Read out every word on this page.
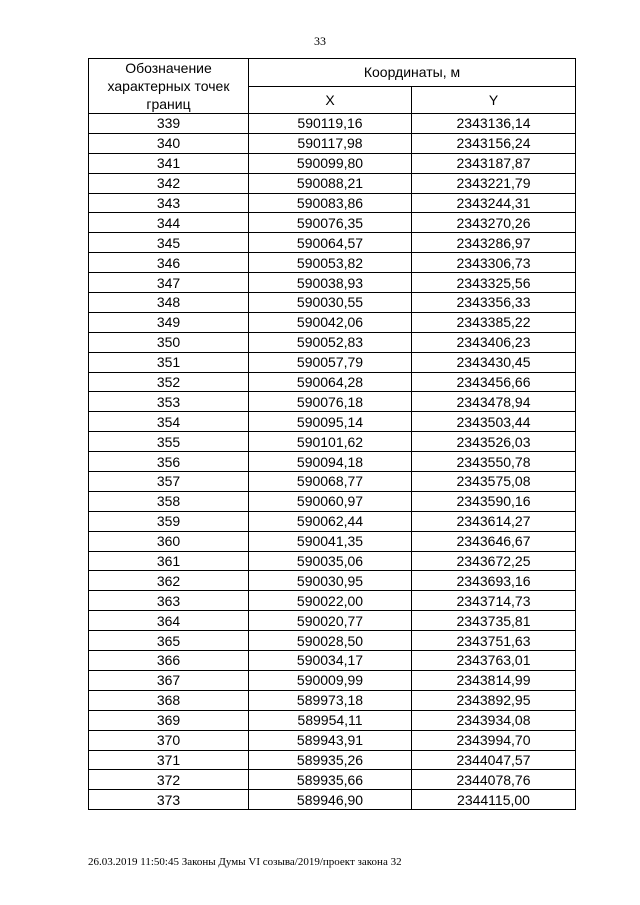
33
Обозначение характерных точек границ	Координаты, м	
	X	Y
339	590119,16	2343136,14
340	590117,98	2343156,24
341	590099,80	2343187,87
342	590088,21	2343221,79
343	590083,86	2343244,31
344	590076,35	2343270,26
345	590064,57	2343286,97
346	590053,82	2343306,73
347	590038,93	2343325,56
348	590030,55	2343356,33
349	590042,06	2343385,22
350	590052,83	2343406,23
351	590057,79	2343430,45
352	590064,28	2343456,66
353	590076,18	2343478,94
354	590095,14	2343503,44
355	590101,62	2343526,03
356	590094,18	2343550,78
357	590068,77	2343575,08
358	590060,97	2343590,16
359	590062,44	2343614,27
360	590041,35	2343646,67
361	590035,06	2343672,25
362	590030,95	2343693,16
363	590022,00	2343714,73
364	590020,77	2343735,81
365	590028,50	2343751,63
366	590034,17	2343763,01
367	590009,99	2343814,99
368	589973,18	2343892,95
369	589954,11	2343934,08
370	589943,91	2343994,70
371	589935,26	2344047,57
372	589935,66	2344078,76
373	589946,90	2344115,00
26.03.2019 11:50:45 Законы Думы VI созыва/2019/проект закона 32
